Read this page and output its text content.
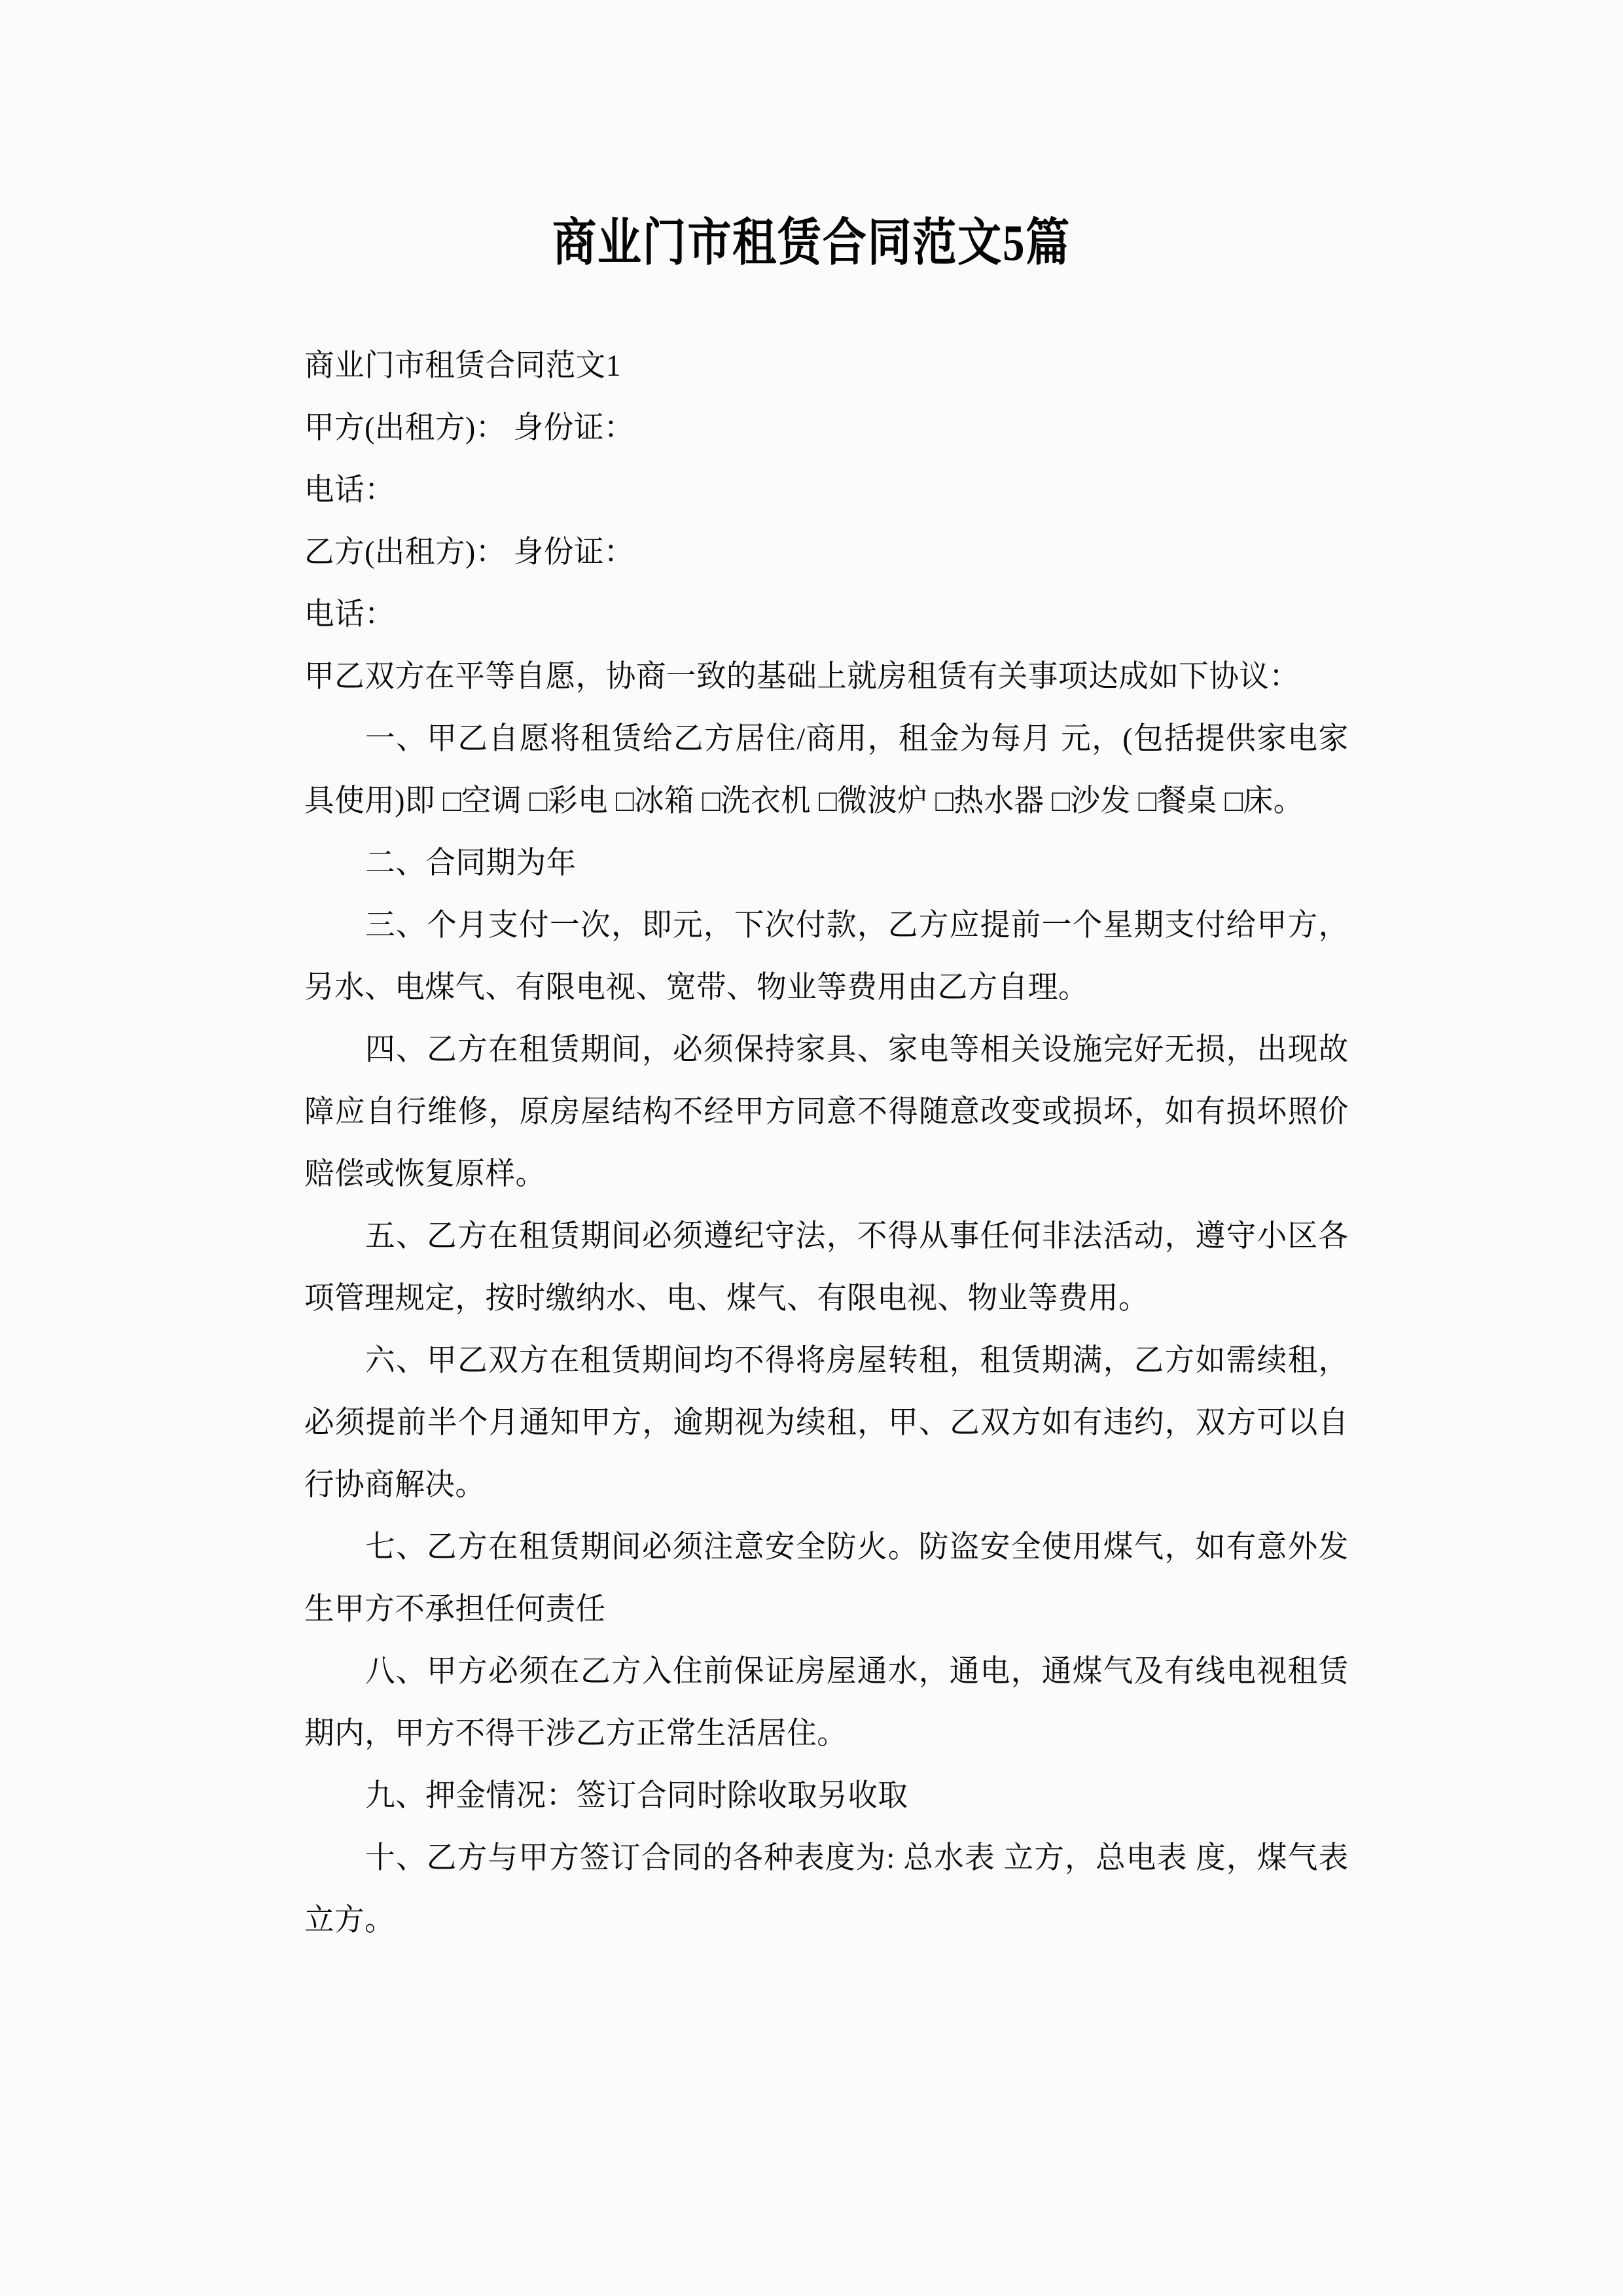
商业门市租赁合同范文5篇

商业门市租赁合同范文1

甲方(出租方)： 身份证：

电话：

乙方(出租方)： 身份证：

电话：

甲乙双方在平等自愿，协商一致的基础上就房租赁有关事项达成如下协议：

一、甲乙自愿将租赁给乙方居住/商用，租金为每月 元，(包括提供家电家具使用)即 □空调 □彩电 □冰箱 □洗衣机 □微波炉 □热水器 □沙发 □餐桌 □床。

二、合同期为年

三、个月支付一次，即元，下次付款，乙方应提前一个星期支付给甲方，另水、电煤气、有限电视、宽带、物业等费用由乙方自理。

四、乙方在租赁期间，必须保持家具、家电等相关设施完好无损，出现故障应自行维修，原房屋结构不经甲方同意不得随意改变或损坏，如有损坏照价赔偿或恢复原样。

五、乙方在租赁期间必须遵纪守法，不得从事任何非法活动，遵守小区各项管理规定，按时缴纳水、电、煤气、有限电视、物业等费用。

六、甲乙双方在租赁期间均不得将房屋转租，租赁期满，乙方如需续租，必须提前半个月通知甲方，逾期视为续租，甲、乙双方如有违约，双方可以自行协商解决。

七、乙方在租赁期间必须注意安全防火。防盗安全使用煤气，如有意外发生甲方不承担任何责任

八、甲方必须在乙方入住前保证房屋通水，通电，通煤气及有线电视租赁期内，甲方不得干涉乙方正常生活居住。

九、押金情况：签订合同时除收取另收取

十、乙方与甲方签订合同的各种表度为: 总水表 立方，总电表 度，煤气表 立方。
